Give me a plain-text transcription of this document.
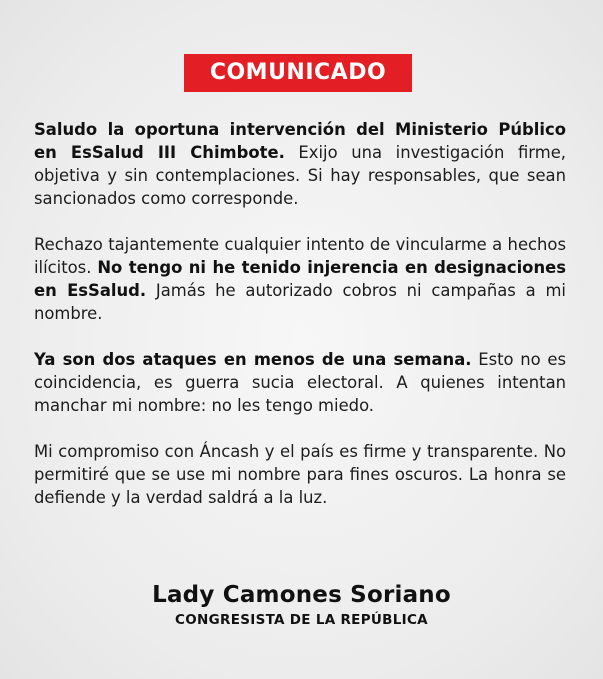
COMUNICADO

Saludo la oportuna intervención del Ministerio Público en EsSalud III Chimbote. Exijo una investigación firme, objetiva y sin contemplaciones. Si hay responsables, que sean sancionados como corresponde.

Rechazo tajantemente cualquier intento de vincularme a hechos ilícitos. No tengo ni he tenido injerencia en designaciones en EsSalud. Jamás he autorizado cobros ni campañas a mi nombre.

Ya son dos ataques en menos de una semana. Esto no es coincidencia, es guerra sucia electoral. A quienes intentan manchar mi nombre: no les tengo miedo.

Mi compromiso con Áncash y el país es firme y transparente. No permitiré que se use mi nombre para fines oscuros. La honra se defiende y la verdad saldrá a la luz.

Lady Camones Soriano
CONGRESISTA DE LA REPÚBLICA
